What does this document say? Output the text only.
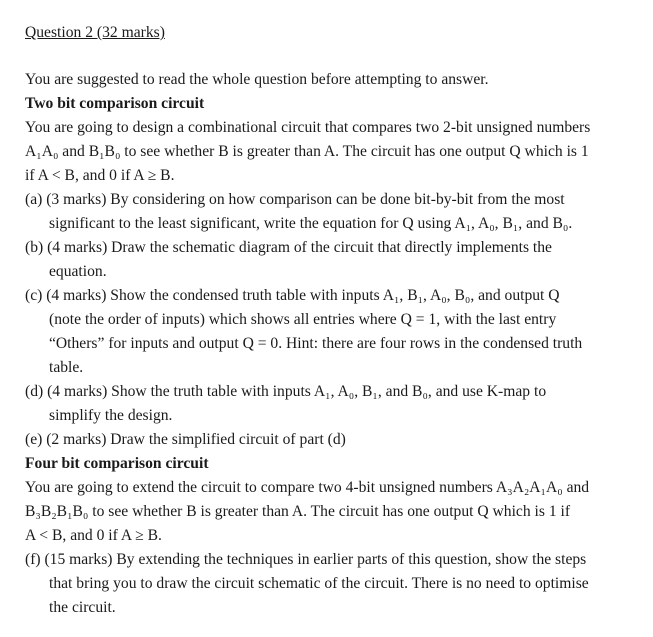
Question 2 (32 marks)
You are suggested to read the whole question before attempting to answer.
Two bit comparison circuit
You are going to design a combinational circuit that compares two 2-bit unsigned numbers
A₁A₀ and B₁B₀ to see whether B is greater than A. The circuit has one output Q which is 1
if A < B, and 0 if A ≥ B.
(a) (3 marks) By considering on how comparison can be done bit-by-bit from the most
significant to the least significant, write the equation for Q using A₁, A₀, B₁, and B₀.
(b) (4 marks) Draw the schematic diagram of the circuit that directly implements the
equation.
(c) (4 marks) Show the condensed truth table with inputs A₁, B₁, A₀, B₀, and output Q
(note the order of inputs) which shows all entries where Q = 1, with the last entry
“Others” for inputs and output Q = 0. Hint: there are four rows in the condensed truth
table.
(d) (4 marks) Show the truth table with inputs A₁, A₀, B₁, and B₀, and use K-map to
simplify the design.
(e) (2 marks) Draw the simplified circuit of part (d)
Four bit comparison circuit
You are going to extend the circuit to compare two 4-bit unsigned numbers A₃A₂A₁A₀ and
B₃B₂B₁B₀ to see whether B is greater than A. The circuit has one output Q which is 1 if
A < B, and 0 if A ≥ B.
(f) (15 marks) By extending the techniques in earlier parts of this question, show the steps
that bring you to draw the circuit schematic of the circuit. There is no need to optimise
the circuit.
